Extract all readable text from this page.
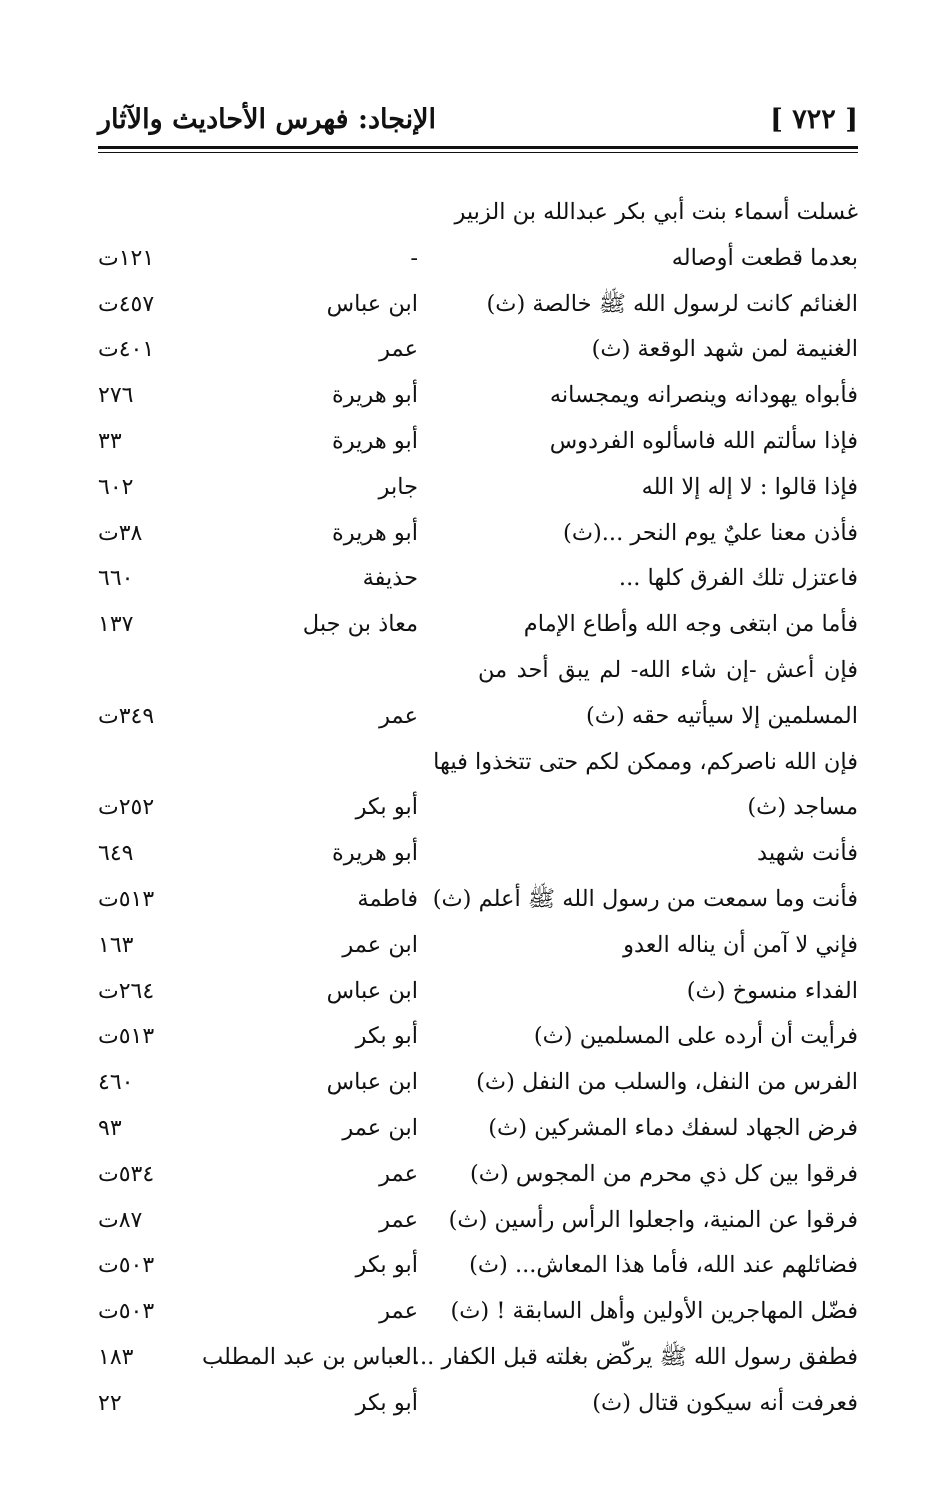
الإنجاد: فهرس الأحاديث والآثار	[ ٧٢٢ ]
غسلت أسماء بنت أبي بكر عبدالله بن الزبير
بعدما قطعت أوصاله
-
١٢١ت
الغنائم كانت لرسول الله ﷺ خالصة (ث)
ابن عباس
٤٥٧ت
الغنيمة لمن شهد الوقعة (ث)
عمر
٤٠١ت
فأبواه يهودانه وينصرانه ويمجسانه
أبو هريرة
٢٧٦
فإذا سألتم الله فاسألوه الفردوس
أبو هريرة
٣٣
فإذا قالوا : لا إله إلا الله
جابر
٦٠٢
فأذن معنا عليٌ يوم النحر ...(ث)
أبو هريرة
٣٨ت
فاعتزل تلك الفرق كلها ...
حذيفة
٦٦٠
فأما من ابتغى وجه الله وأطاع الإمام
معاذ بن جبل
١٣٧
فإن أعش -إن شاء الله- لم يبق أحد من
المسلمين إلا سيأتيه حقه (ث)
عمر
٣٤٩ت
فإن الله ناصركم، وممكن لكم حتى تتخذوا فيها
مساجد (ث)
أبو بكر
٢٥٢ت
فأنت شهيد
أبو هريرة
٦٤٩
فأنت وما سمعت من رسول الله ﷺ أعلم (ث)
فاطمة
٥١٣ت
فإني لا آمن أن يناله العدو
ابن عمر
١٦٣
الفداء منسوخ (ث)
ابن عباس
٢٦٤ت
فرأيت أن أرده على المسلمين (ث)
أبو بكر
٥١٣ت
الفرس من النفل، والسلب من النفل (ث)
ابن عباس
٤٦٠
فرض الجهاد لسفك دماء المشركين (ث)
ابن عمر
٩٣
فرقوا بين كل ذي محرم من المجوس (ث)
عمر
٥٣٤ت
فرقوا عن المنية، واجعلوا الرأس رأسين (ث)
عمر
٨٧ت
فضائلهم عند الله، فأما هذا المعاش... (ث)
أبو بكر
٥٠٣ت
فضّل المهاجرين الأولين وأهل السابقة ! (ث)
عمر
٥٠٣ت
فطفق رسول الله ﷺ يركّض بغلته قبل الكفار ...
العباس بن عبد المطلب
١٨٣
فعرفت أنه سيكون قتال (ث)
أبو بكر
٢٢
